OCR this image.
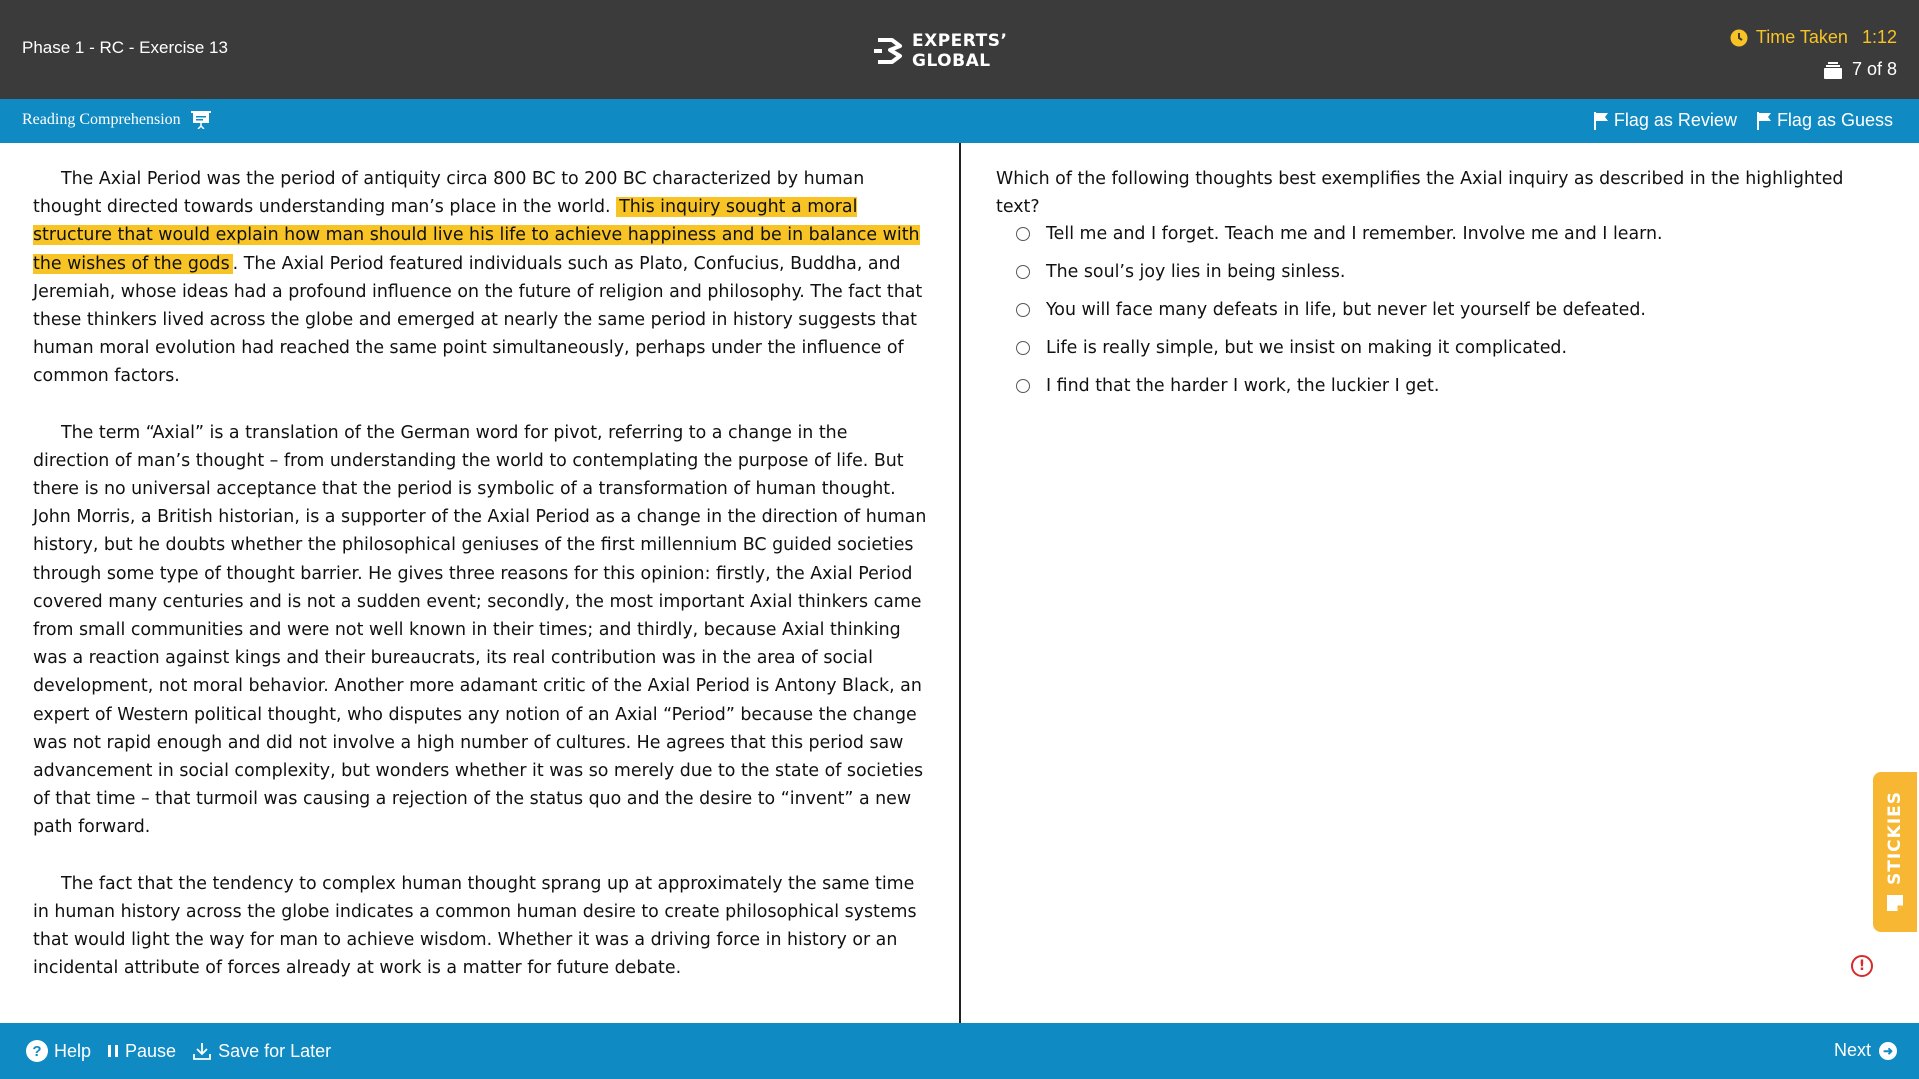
Phase 1 - RC - Exercise 13	EXPERTS’
GLOBAL
Time Taken 1:12
7 of 8
Reading Comprehension	Flag as Review Flag as Guess

The Axial Period was the period of antiquity circa 800 BC to 200 BC characterized by human thought directed towards understanding man’s place in the world. This inquiry sought a moral structure that would explain how man should live his life to achieve happiness and be in balance with the wishes of the gods . The Axial Period featured individuals such as Plato, Confucius, Buddha, and Jeremiah, whose ideas had a profound influence on the future of religion and philosophy. The fact that these thinkers lived across the globe and emerged at nearly the same period in history suggests that human moral evolution had reached the same point simultaneously, perhaps under the influence of common factors.

The term “Axial” is a translation of the German word for pivot, referring to a change in the direction of man’s thought – from understanding the world to contemplating the purpose of life. But there is no universal acceptance that the period is symbolic of a transformation of human thought. John Morris, a British historian, is a supporter of the Axial Period as a change in the direction of human history, but he doubts whether the philosophical geniuses of the first millennium BC guided societies through some type of thought barrier. He gives three reasons for this opinion: firstly, the Axial Period covered many centuries and is not a sudden event; secondly, the most important Axial thinkers came from small communities and were not well known in their times; and thirdly, because Axial thinking was a reaction against kings and their bureaucrats, its real contribution was in the area of social development, not moral behavior. Another more adamant critic of the Axial Period is Antony Black, an expert of Western political thought, who disputes any notion of an Axial “Period” because the change was not rapid enough and did not involve a high number of cultures. He agrees that this period saw advancement in social complexity, but wonders whether it was so merely due to the state of societies of that time – that turmoil was causing a rejection of the status quo and the desire to “invent” a new path forward.

The fact that the tendency to complex human thought sprang up at approximately the same time in human history across the globe indicates a common human desire to create philosophical systems that would light the way for man to achieve wisdom. Whether it was a driving force in history or an incidental attribute of forces already at work is a matter for future debate.

Which of the following thoughts best exemplifies the Axial inquiry as described in the highlighted text?
Tell me and I forget. Teach me and I remember. Involve me and I learn.
The soul’s joy lies in being sinless.
You will face many defeats in life, but never let yourself be defeated.
Life is really simple, but we insist on making it complicated.
I find that the harder I work, the luckier I get.
STICKIES
!
? Help Pause Save for Later	Next ➜
